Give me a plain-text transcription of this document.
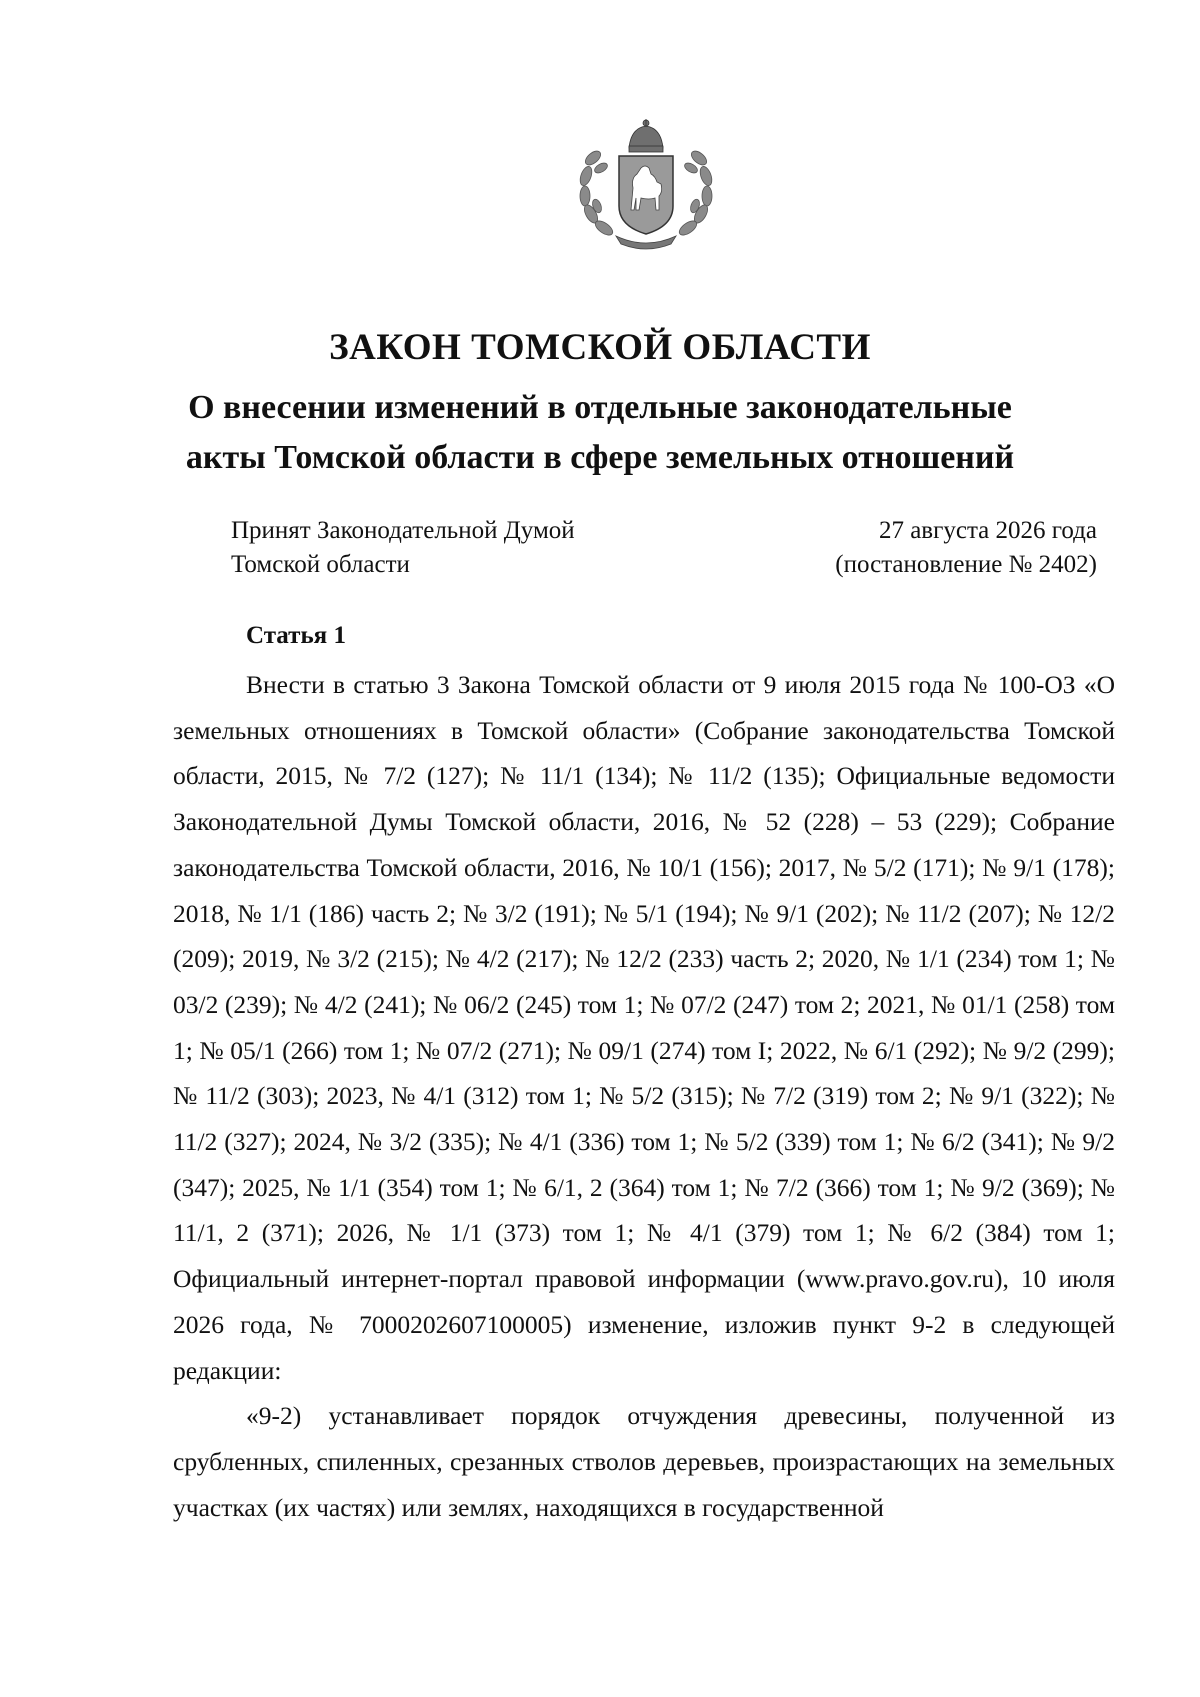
ЗАКОН ТОМСКОЙ ОБЛАСТИ
О внесении изменений в отдельные законодательные
акты Томской области в сфере земельных отношений
Принят Законодательной Думой
Томской области
27 августа 2026 года
(постановление № 2402)
Статья 1

Внести в статью 3 Закона Томской области от 9 июля 2015 года № 100-ОЗ «О земельных отношениях в Томской области» (Собрание законодательства Томской области, 2015, № 7/2 (127); № 11/1 (134); № 11/2 (135); Официальные ведомости Законодательной Думы Томской области, 2016, № 52 (228) – 53 (229); Собрание законодательства Томской области, 2016, № 10/1 (156); 2017, № 5/2 (171); № 9/1 (178); 2018, № 1/1 (186) часть 2; № 3/2 (191); № 5/1 (194); № 9/1 (202); № 11/2 (207); № 12/2 (209); 2019, № 3/2 (215); № 4/2 (217); № 12/2 (233) часть 2; 2020, № 1/1 (234) том 1; № 03/2 (239); № 4/2 (241); № 06/2 (245) том 1; № 07/2 (247) том 2; 2021, № 01/1 (258) том 1; № 05/1 (266) том 1; № 07/2 (271); № 09/1 (274) том I; 2022, № 6/1 (292); № 9/2 (299); № 11/2 (303); 2023, № 4/1 (312) том 1; № 5/2 (315); № 7/2 (319) том 2; № 9/1 (322); № 11/2 (327); 2024, № 3/2 (335); № 4/1 (336) том 1; № 5/2 (339) том 1; № 6/2 (341); № 9/2 (347); 2025, № 1/1 (354) том 1; № 6/1, 2 (364) том 1; № 7/2 (366) том 1; № 9/2 (369); № 11/1, 2 (371); 2026, № 1/1 (373) том 1; № 4/1 (379) том 1; № 6/2 (384) том 1; Официальный интернет-портал правовой информации (www.pravo.gov.ru), 10 июля 2026 года, № 7000202607100005) изменение, изложив пункт 9-2 в следующей редакции:

«9-2) устанавливает порядок отчуждения древесины, полученной из срубленных, спиленных, срезанных стволов деревьев, произрастающих на земельных участках (их частях) или землях, находящихся в государственной
